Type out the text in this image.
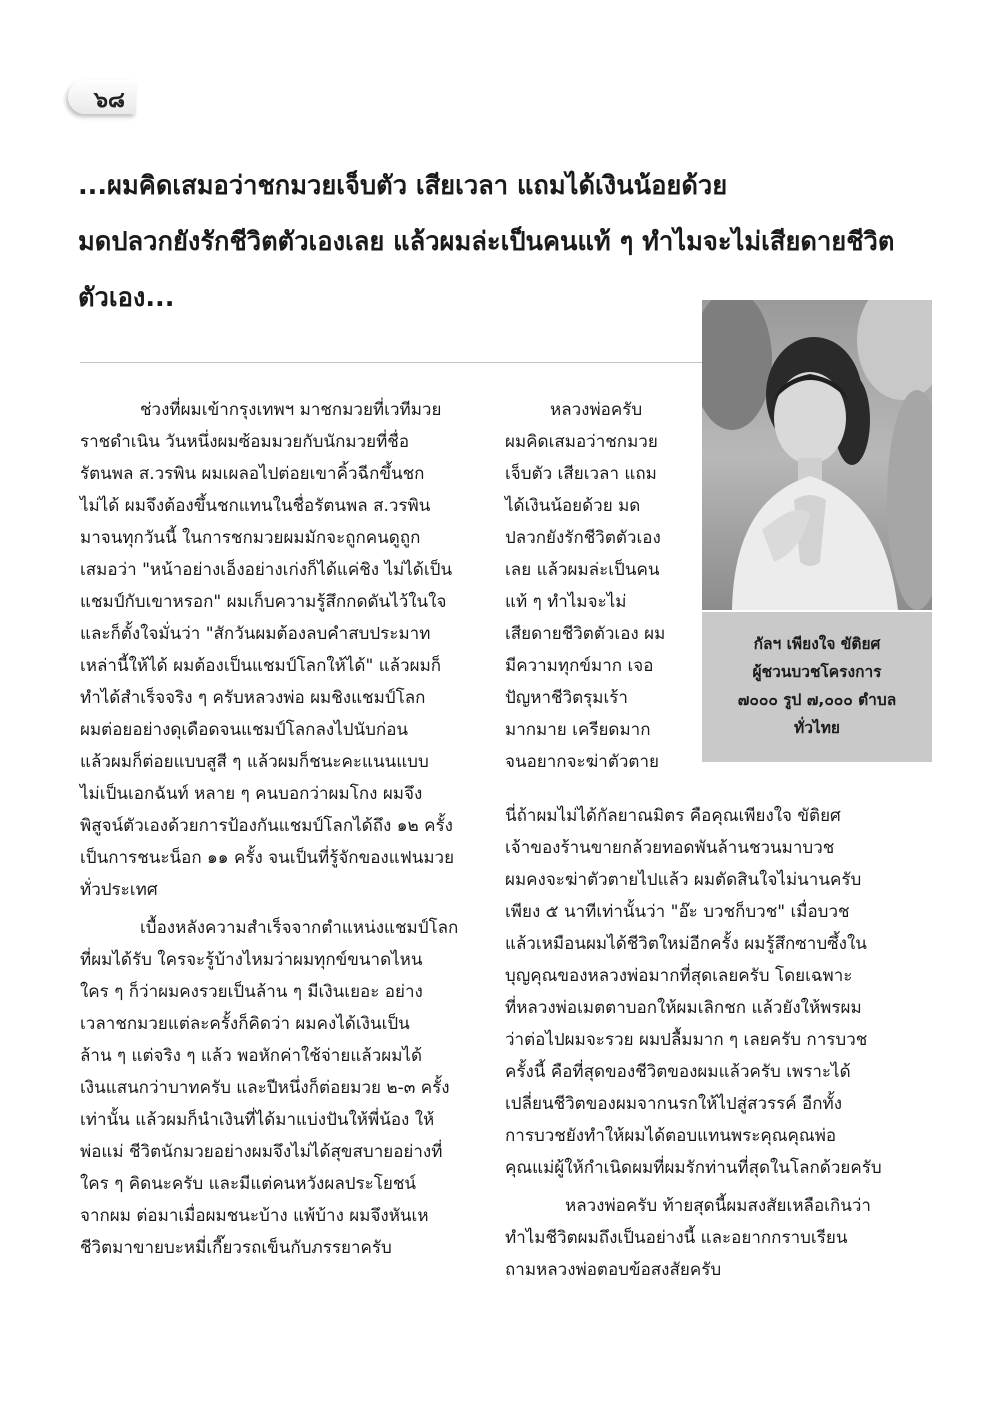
๖๘
...ผมคิดเสมอว่าชกมวยเจ็บตัว เสียเวลา แถมได้เงินน้อยด้วย
มดปลวกยังรักชีวิตตัวเองเลย แล้วผมล่ะเป็นคนแท้ ๆ ทำไมจะไม่เสียดายชีวิต
ตัวเอง...
กัลฯ เพียงใจ ขัติยศ
ผู้ชวนบวชโครงการ
๗๐๐๐ รูป ๗,๐๐๐ ตำบล
ทั่วไทย

ช่วงที่ผมเข้ากรุงเทพฯ มาชกมวยที่เวทีมวย
ราชดำเนิน วันหนึ่งผมซ้อมมวยกับนักมวยที่ชื่อ
รัตนพล ส.วรพิน ผมเผลอไปต่อยเขาคิ้วฉีกขึ้นชก
ไม่ได้ ผมจึงต้องขึ้นชกแทนในชื่อรัตนพล ส.วรพิน
มาจนทุกวันนี้ ในการชกมวยผมมักจะถูกคนดูถูก
เสมอว่า "หน้าอย่างเอ็งอย่างเก่งก็ได้แค่ชิง ไม่ได้เป็น
แชมป์กับเขาหรอก" ผมเก็บความรู้สึกกดดันไว้ในใจ
และก็ตั้งใจมั่นว่า "สักวันผมต้องลบคำสบประมาท
เหล่านี้ให้ได้ ผมต้องเป็นแชมป์โลกให้ได้" แล้วผมก็
ทำได้สำเร็จจริง ๆ ครับหลวงพ่อ ผมชิงแชมป์โลก
ผมต่อยอย่างดุเดือดจนแชมป์โลกลงไปนับก่อน
แล้วผมก็ต่อยแบบสูสี ๆ แล้วผมก็ชนะคะแนนแบบ
ไม่เป็นเอกฉันท์ หลาย ๆ คนบอกว่าผมโกง ผมจึง
พิสูจน์ตัวเองด้วยการป้องกันแชมป์โลกได้ถึง ๑๒ ครั้ง
เป็นการชนะน็อก ๑๑ ครั้ง จนเป็นที่รู้จักของแฟนมวย
ทั่วประเทศ

เบื้องหลังความสำเร็จจากตำแหน่งแชมป์โลก
ที่ผมได้รับ ใครจะรู้บ้างไหมว่าผมทุกข์ขนาดไหน
ใคร ๆ ก็ว่าผมคงรวยเป็นล้าน ๆ มีเงินเยอะ อย่าง
เวลาชกมวยแต่ละครั้งก็คิดว่า ผมคงได้เงินเป็น
ล้าน ๆ แต่จริง ๆ แล้ว พอหักค่าใช้จ่ายแล้วผมได้
เงินแสนกว่าบาทครับ และปีหนึ่งก็ต่อยมวย ๒-๓ ครั้ง
เท่านั้น แล้วผมก็นำเงินที่ได้มาแบ่งปันให้พี่น้อง ให้
พ่อแม่ ชีวิตนักมวยอย่างผมจึงไม่ได้สุขสบายอย่างที่
ใคร ๆ คิดนะครับ และมีแต่คนหวังผลประโยชน์
จากผม ต่อมาเมื่อผมชนะบ้าง แพ้บ้าง ผมจึงหันเห
ชีวิตมาขายบะหมี่เกี๊ยวรถเข็นกับภรรยาครับ

หลวงพ่อครับ
ผมคิดเสมอว่าชกมวย
เจ็บตัว เสียเวลา แถม
ได้เงินน้อยด้วย มด
ปลวกยังรักชีวิตตัวเอง
เลย แล้วผมล่ะเป็นคน
แท้ ๆ ทำไมจะไม่
เสียดายชีวิตตัวเอง ผม
มีความทุกข์มาก เจอ
ปัญหาชีวิตรุมเร้า
มากมาย เครียดมาก
จนอยากจะฆ่าตัวตาย

นี่ถ้าผมไม่ได้กัลยาณมิตร คือคุณเพียงใจ ขัติยศ
เจ้าของร้านขายกล้วยทอดพันล้านชวนมาบวช
ผมคงจะฆ่าตัวตายไปแล้ว ผมตัดสินใจไม่นานครับ
เพียง ๕ นาทีเท่านั้นว่า "อ๊ะ บวชก็บวช" เมื่อบวช
แล้วเหมือนผมได้ชีวิตใหม่อีกครั้ง ผมรู้สึกซาบซึ้งใน
บุญคุณของหลวงพ่อมากที่สุดเลยครับ โดยเฉพาะ
ที่หลวงพ่อเมตตาบอกให้ผมเลิกชก แล้วยังให้พรผม
ว่าต่อไปผมจะรวย ผมปลื้มมาก ๆ เลยครับ การบวช
ครั้งนี้ คือที่สุดของชีวิตของผมแล้วครับ เพราะได้
เปลี่ยนชีวิตของผมจากนรกให้ไปสู่สวรรค์ อีกทั้ง
การบวชยังทำให้ผมได้ตอบแทนพระคุณคุณพ่อ
คุณแม่ผู้ให้กำเนิดผมที่ผมรักท่านที่สุดในโลกด้วยครับ

หลวงพ่อครับ ท้ายสุดนี้ผมสงสัยเหลือเกินว่า
ทำไมชีวิตผมถึงเป็นอย่างนี้ และอยากกราบเรียน
ถามหลวงพ่อตอบข้อสงสัยครับ
